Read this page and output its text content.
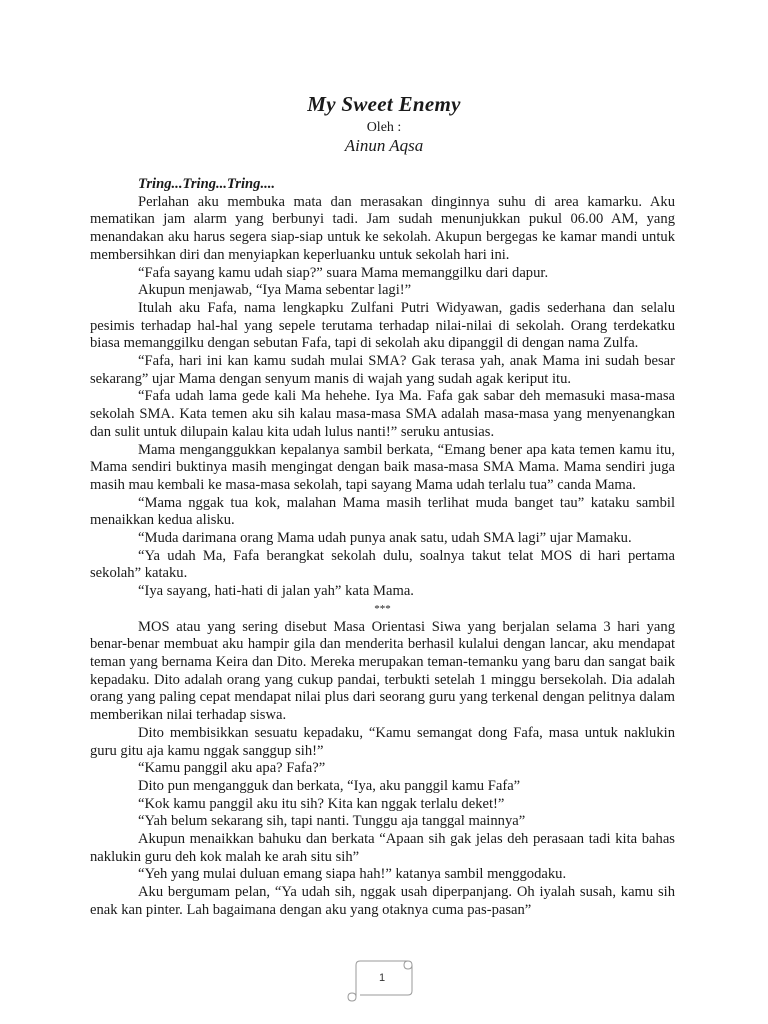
My Sweet Enemy
Oleh :
Ainun Aqsa

Tring...Tring...Tring....

Perlahan aku membuka mata dan merasakan dinginnya suhu di area kamarku. Aku mematikan jam alarm yang berbunyi tadi. Jam sudah menunjukkan pukul 06.00 AM, yang menandakan aku harus segera siap-siap untuk ke sekolah. Akupun bergegas ke kamar mandi untuk membersihkan diri dan menyiapkan keperluanku untuk sekolah hari ini.

“Fafa sayang kamu udah siap?” suara Mama memanggilku dari dapur.

Akupun menjawab, “Iya Mama sebentar lagi!”

Itulah aku Fafa, nama lengkapku Zulfani Putri Widyawan, gadis sederhana dan selalu pesimis terhadap hal-hal yang sepele terutama terhadap nilai-nilai di sekolah. Orang terdekatku biasa memanggilku dengan sebutan Fafa, tapi di sekolah aku dipanggil di dengan nama Zulfa.

“Fafa, hari ini kan kamu sudah mulai SMA? Gak terasa yah, anak Mama ini sudah besar sekarang” ujar Mama dengan senyum manis di wajah yang sudah agak keriput itu.

“Fafa udah lama gede kali Ma hehehe. Iya Ma. Fafa gak sabar deh memasuki masa-masa sekolah SMA. Kata temen aku sih kalau masa-masa SMA adalah masa-masa yang menyenangkan dan sulit untuk dilupain kalau kita udah lulus nanti!” seruku antusias.

Mama menganggukkan kepalanya sambil berkata, “Emang bener apa kata temen kamu itu, Mama sendiri buktinya masih mengingat dengan baik masa-masa SMA Mama. Mama sendiri juga masih mau kembali ke masa-masa sekolah, tapi sayang Mama udah terlalu tua” canda Mama.

“Mama nggak tua kok, malahan Mama masih terlihat muda banget tau” kataku sambil menaikkan kedua alisku.

“Muda darimana orang Mama udah punya anak satu, udah SMA lagi” ujar Mamaku.

“Ya udah Ma, Fafa berangkat sekolah dulu, soalnya takut telat MOS di hari pertama sekolah” kataku.

“Iya sayang, hati-hati di jalan yah” kata Mama.

***

MOS atau yang sering disebut Masa Orientasi Siwa yang berjalan selama 3 hari yang benar-benar membuat aku hampir gila dan menderita berhasil kulalui dengan lancar, aku mendapat teman yang bernama Keira dan Dito. Mereka merupakan teman-temanku yang baru dan sangat baik kepadaku. Dito adalah orang yang cukup pandai, terbukti setelah 1 minggu bersekolah. Dia adalah orang yang paling cepat mendapat nilai plus dari seorang guru yang terkenal dengan pelitnya dalam memberikan nilai terhadap siswa.

Dito membisikkan sesuatu kepadaku, “Kamu semangat dong Fafa, masa untuk naklukin guru gitu aja kamu nggak sanggup sih!”

“Kamu panggil aku apa? Fafa?”

Dito pun mengangguk dan berkata, “Iya, aku panggil kamu Fafa”

“Kok kamu panggil aku itu sih? Kita kan nggak terlalu deket!”

“Yah belum sekarang sih, tapi nanti. Tunggu aja tanggal mainnya”

Akupun menaikkan bahuku dan berkata “Apaan sih gak jelas deh perasaan tadi kita bahas naklukin guru deh kok malah ke arah situ sih”

“Yeh yang mulai duluan emang siapa hah!” katanya sambil menggodaku.

Aku bergumam pelan, “Ya udah sih, nggak usah diperpanjang. Oh iyalah susah, kamu sih enak kan pinter. Lah bagaimana dengan aku yang otaknya cuma pas-pasan”

1
